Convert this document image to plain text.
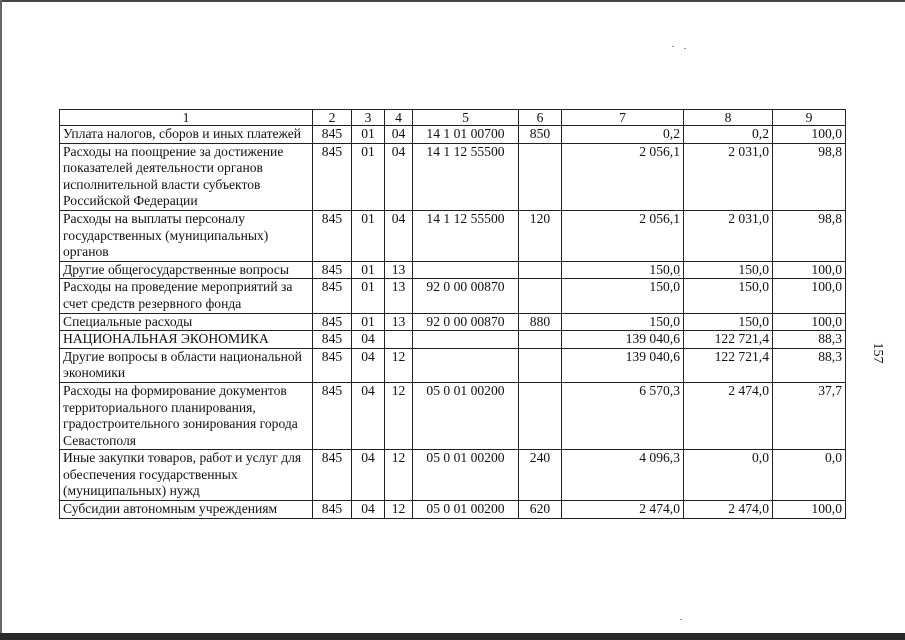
157
1	2	3	4	5	6	7	8	9
Уплата налогов, сборов и иных платежей	845	01	04	14 1 01 00700	850	0,2	0,2	100,0
Расходы на поощрение за достижение показателей деятельности органов исполнительной власти субъектов Российской Федерации	845	01	04	14 1 12 55500		2 056,1	2 031,0	98,8
Расходы на выплаты персоналу государственных (муниципальных) органов	845	01	04	14 1 12 55500	120	2 056,1	2 031,0	98,8
Другие общегосударственные вопросы	845	01	13			150,0	150,0	100,0
Расходы на проведение мероприятий за счет средств резервного фонда	845	01	13	92 0 00 00870		150,0	150,0	100,0
Специальные расходы	845	01	13	92 0 00 00870	880	150,0	150,0	100,0
НАЦИОНАЛЬНАЯ ЭКОНОМИКА	845	04				139 040,6	122 721,4	88,3
Другие вопросы в области национальной экономики	845	04	12			139 040,6	122 721,4	88,3
Расходы на формирование документов территориального планирования, градостроительного зонирования города Севастополя	845	04	12	05 0 01 00200		6 570,3	2 474,0	37,7
Иные закупки товаров, работ и услуг для обеспечения государственных (муниципальных) нужд	845	04	12	05 0 01 00200	240	4 096,3	0,0	0,0
Субсидии автономным учреждениям	845	04	12	05 0 01 00200	620	2 474,0	2 474,0	100,0
